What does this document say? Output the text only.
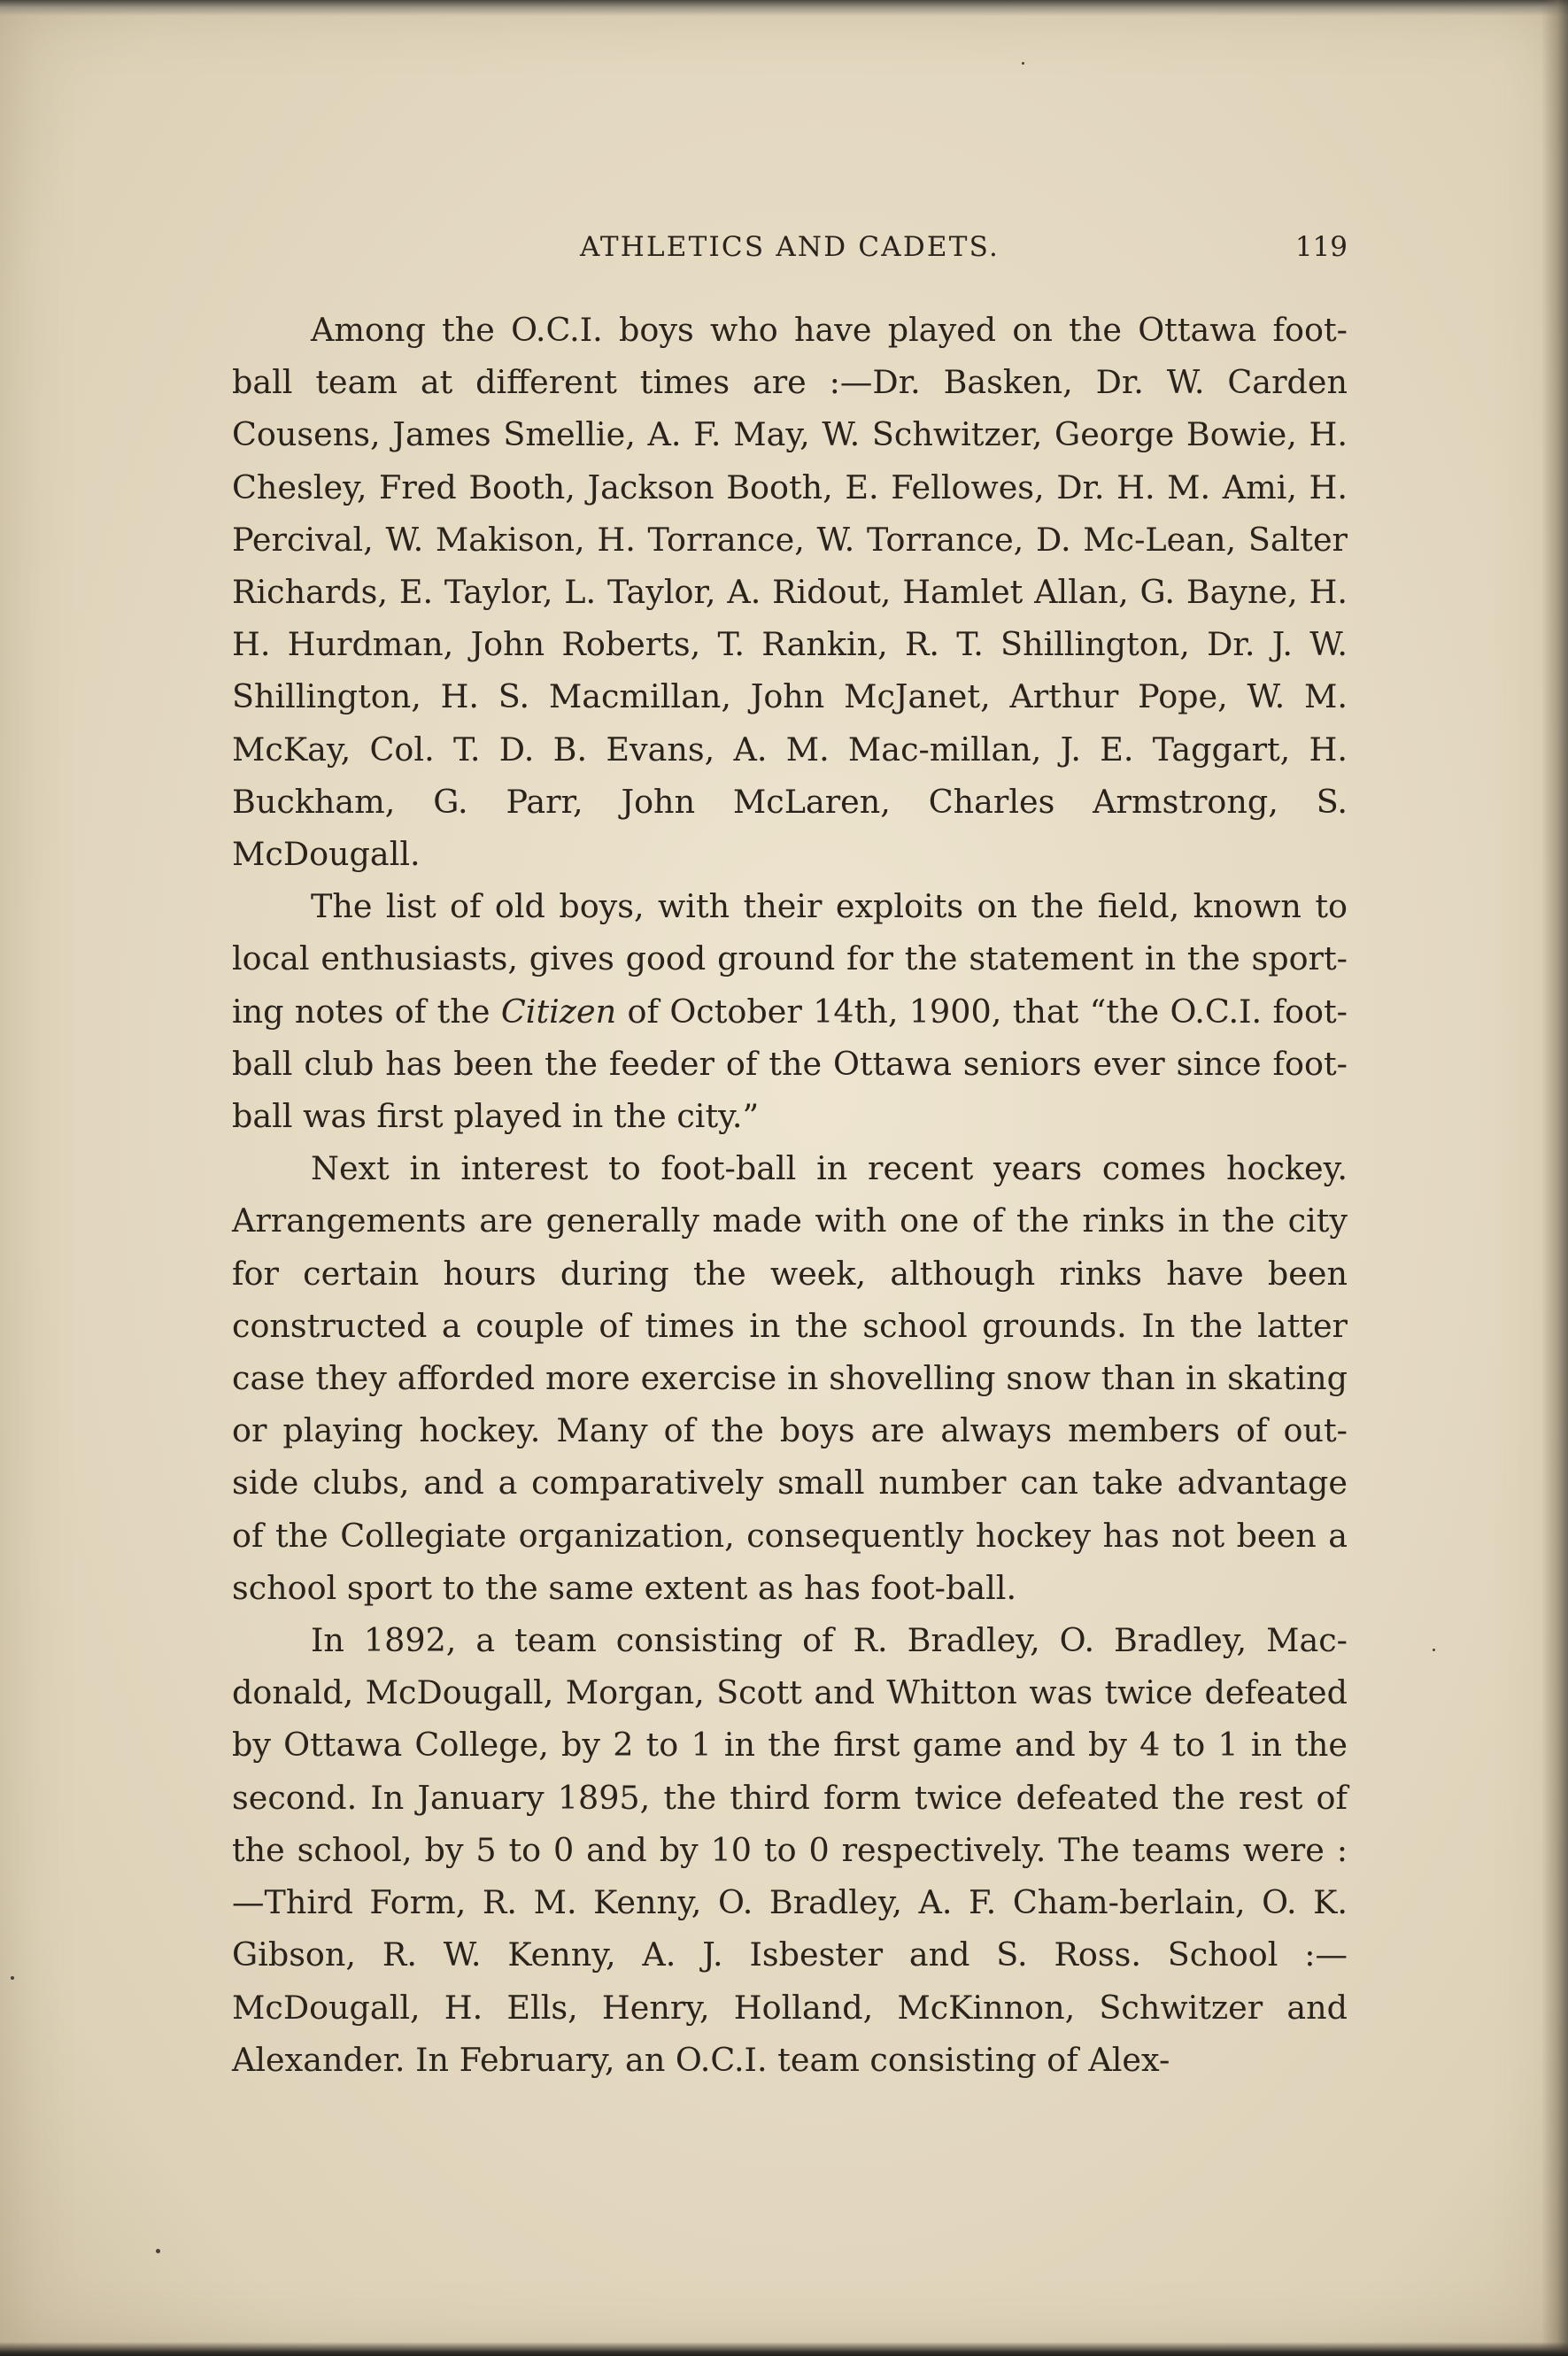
ATHLETICS AND CADETS.	119

Among the O.C.I. boys who have played on the Ottawa foot-ball team at different times are :—Dr. Basken, Dr. W. Carden Cousens, James Smellie, A. F. May, W. Schwitzer, George Bowie, H. Chesley, Fred Booth, Jackson Booth, E. Fellowes, Dr. H. M. Ami, H. Percival, W. Makison, H. Torrance, W. Torrance, D. Mc-Lean, Salter Richards, E. Taylor, L. Taylor, A. Ridout, Hamlet Allan, G. Bayne, H. H. Hurdman, John Roberts, T. Rankin, R. T. Shillington, Dr. J. W. Shillington, H. S. Macmillan, John McJanet, Arthur Pope, W. M. McKay, Col. T. D. B. Evans, A. M. Mac-millan, J. E. Taggart, H. Buckham, G. Parr, John McLaren, Charles Armstrong, S. McDougall.

The list of old boys, with their exploits on the field, known to local enthusiasts, gives good ground for the statement in the sport-ing notes of the Citizen of October 14th, 1900, that “the O.C.I. foot-ball club has been the feeder of the Ottawa seniors ever since foot-ball was first played in the city.”

Next in interest to foot-ball in recent years comes hockey. Arrangements are generally made with one of the rinks in the city for certain hours during the week, although rinks have been constructed a couple of times in the school grounds. In the latter case they afforded more exercise in shovelling snow than in skating or playing hockey. Many of the boys are always members of out-side clubs, and a comparatively small number can take advantage of the Collegiate organization, consequently hockey has not been a school sport to the same extent as has foot-ball.

In 1892, a team consisting of R. Bradley, O. Bradley, Mac-donald, McDougall, Morgan, Scott and Whitton was twice defeated by Ottawa College, by 2 to 1 in the first game and by 4 to 1 in the second. In January 1895, the third form twice defeated the rest of the school, by 5 to 0 and by 10 to 0 respectively. The teams were :—Third Form, R. M. Kenny, O. Bradley, A. F. Cham-berlain, O. K. Gibson, R. W. Kenny, A. J. Isbester and S. Ross. School :—McDougall, H. Ells, Henry, Holland, McKinnon, Schwitzer and Alexander. In February, an O.C.I. team consisting of Alex-
